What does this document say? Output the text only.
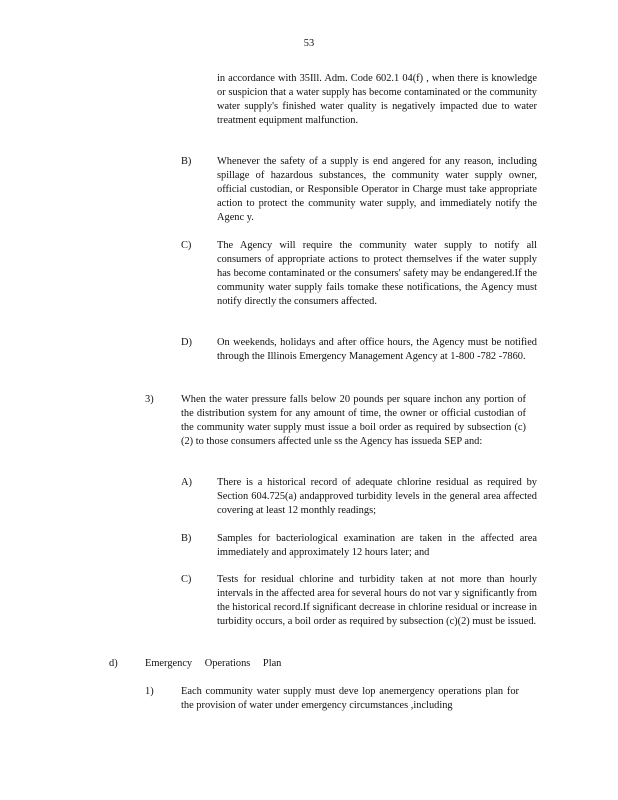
53
in accordance with 35Ill. Adm. Code 602.1 04(f) , when there is knowledge or suspicion that a water supply has become contaminated or the community water supply's finished water quality is negatively impacted due to water treatment equipment malfunction.
B) Whenever the safety of a supply is end angered for any reason, including spillage of hazardous substances, the community water supply owner, official custodian, or Responsible Operator in Charge must take appropriate action to protect the community water supply, and immediately notify the Agenc y.
C) The Agency will require the community water supply to notify all consumers of appropriate actions to protect themselves if the water supply has become contaminated or the consumers' safety may be endangered.If the community water supply fails tomake these notifications, the Agency must notify directly the consumers affected.
D) On weekends, holidays and after office hours, the Agency must be notified through the Illinois Emergency Management Agency at 1-800 -782 -7860.
3)	When the water pressure falls below 20 pounds per square inchon any portion of the distribution system for any amount of time, the owner or official custodian of the community water supply must issue a boil order as required by subsection (c)(2) to those consumers affected unle ss the Agency has issueda SEP and:
A) There is a historical record of adequate chlorine residual as required by Section 604.725(a) andapproved turbidity levels in the general area affected covering at least 12 monthly readings;
B) Samples for bacteriological examination are taken in the affected area immediately and approximately 12 hours later; and
C) Tests for residual chlorine and turbidity taken at not more than hourly intervals in the affected area for several hours do not var y significantly from the historical record.If significant decrease in chlorine residual or increase in turbidity occurs, a boil order as required by subsection (c)(2) must be issued.
d)	Emergency Operations Plan
1)	Each community water supply must deve lop anemergency operations plan for the provision of water under emergency circumstances ,including
